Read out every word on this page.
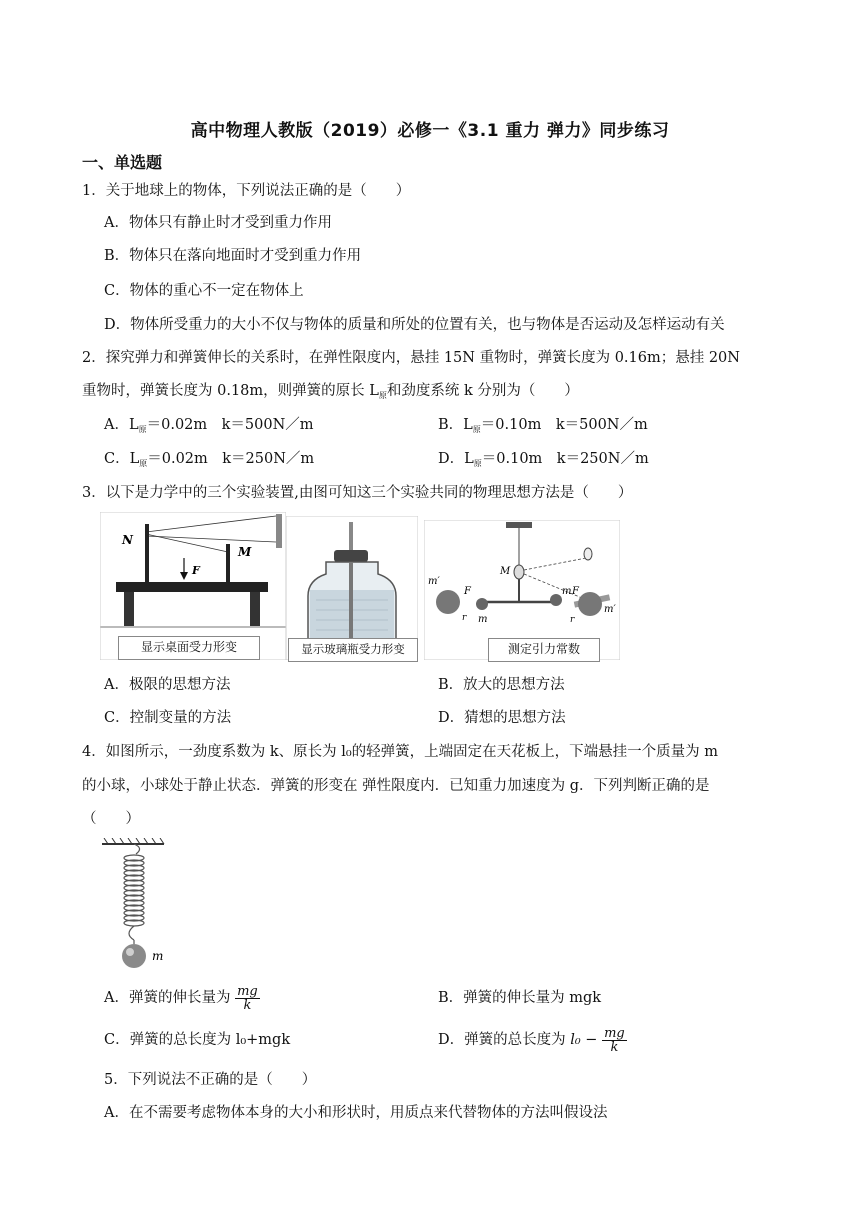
高中物理人教版（2019）必修一《3.1 重力 弹力》同步练习
一、单选题
1．关于地球上的物体，下列说法正确的是（　　）
A．物体只有静止时才受到重力作用
B．物体只在落向地面时才受到重力作用
C．物体的重心不一定在物体上
D．物体所受重力的大小不仅与物体的质量和所处的位置有关，也与物体是否运动及怎样运动有关
2．探究弹力和弹簧伸长的关系时，在弹性限度内，悬挂 15N 重物时，弹簧长度为 0.16m；悬挂 20N
重物时，弹簧长度为 0.18m，则弹簧的原长 $L_原$和劲度系统 k 分别为（　　）
A．$L_原=0.02m$　k＝500N／m	B．$L_原=0.10m$　k＝500N／m
C．$L_原=0.02m$　k＝250N／m	D．$L_原=0.10m$　k＝250N／m
3．以下是力学中的三个实验装置,由图可知这三个实验共同的物理思想方法是（　　）
N
M
F
显示桌面受力形变	显示玻璃瓶受力形变
M
m′
F
m
r
m F
m′
r
测定引力常数
A．极限的思想方法	B．放大的思想方法
C．控制变量的方法	D．猜想的思想方法
4．如图所示，一劲度系数为 k、原长为 l₀的轻弹簧，上端固定在天花板上，下端悬挂一个质量为 m
的小球，小球处于静止状态．弹簧的形变在 弹性限度内．已知重力加速度为 g．下列判断正确的是
（　　）
m
A．弹簧的伸长量为 $\frac{mg}{k}$	B．弹簧的伸长量为 mgk
C．弹簧的总长度为 l₀+mgk	D．弹簧的总长度为 $l_0 - \frac{mg}{k}$
5．下列说法不正确的是（　　）
A．在不需要考虑物体本身的大小和形状时，用质点来代替物体的方法叫假设法
